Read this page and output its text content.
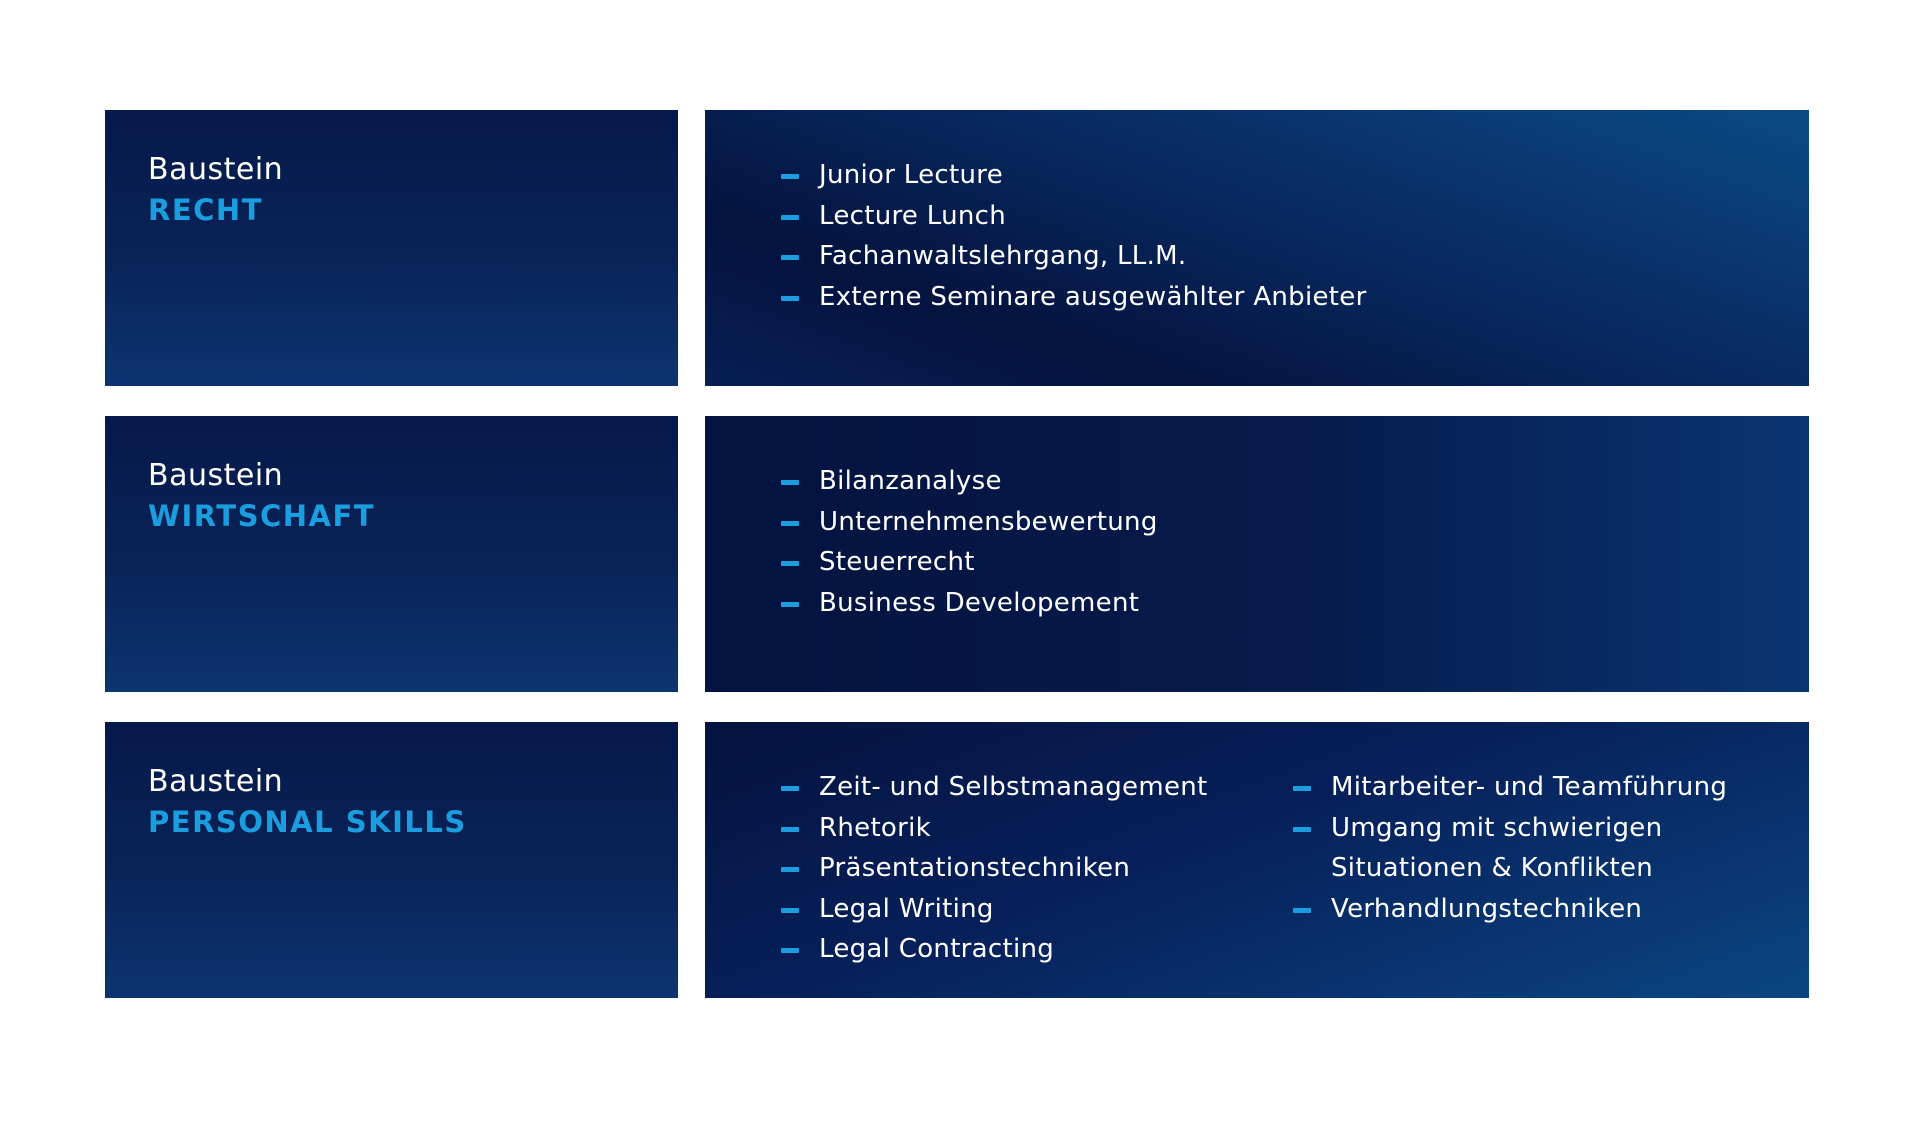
Baustein
RECHT
Junior Lecture
Lecture Lunch
Fachanwaltslehrgang, LL.M.
Externe Seminare ausgewählter Anbieter
Baustein
WIRTSCHAFT
Bilanzanalyse
Unternehmensbewertung
Steuerrecht
Business Developement
Baustein
PERSONAL SKILLS
Zeit- und Selbstmanagement
Rhetorik
Präsentationstechniken
Legal Writing
Legal Contracting
Mitarbeiter- und Teamführung
Umgang mit schwierigen
Situationen & Konflikten
Verhandlungstechniken
